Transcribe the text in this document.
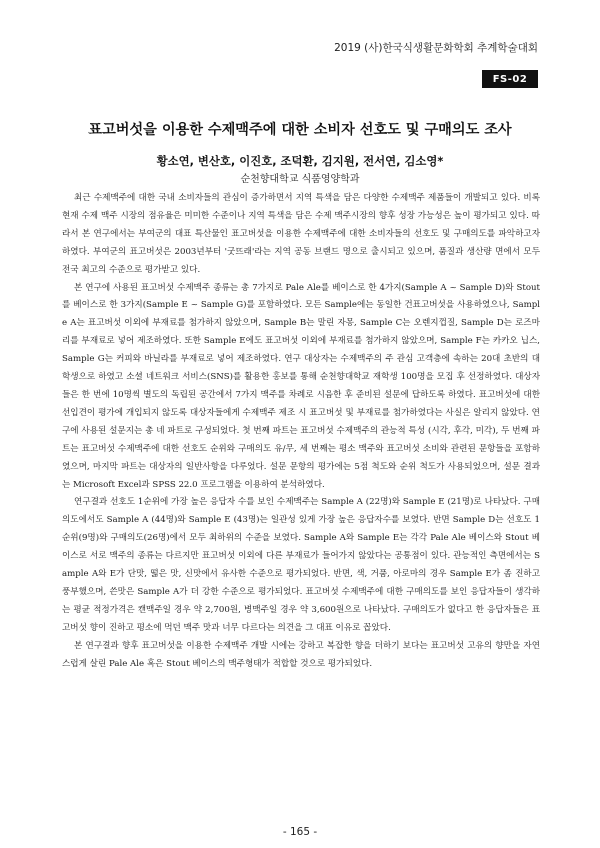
2019 (사)한국식생활문화학회 추계학술대회
FS-02
표고버섯을 이용한 수제맥주에 대한 소비자 선호도 및 구매의도 조사
황소연, 변산호, 이진호, 조덕환, 김지원, 전서연, 김소영*
순천향대학교 식품영양학과

최근 수제맥주에 대한 국내 소비자들의 관심이 증가하면서 지역 특색을 담은 다양한 수제맥주 제품들이 개발되고 있다. 비록 현재 수제 맥주 시장의 점유율은 미미한 수준이나 지역 특색을 담은 수제 맥주시장의 향후 성장 가능성은 높이 평가되고 있다. 따라서 본 연구에서는 부여군의 대표 특산물인 표고버섯을 이용한 수제맥주에 대한 소비자들의 선호도 및 구매의도를 파악하고자 하였다. 부여군의 표고버섯은 2003년부터 '굿뜨래'라는 지역 공동 브랜드 명으로 출시되고 있으며, 품질과 생산량 면에서 모두 전국 최고의 수준으로 평가받고 있다.

본 연구에 사용된 표고버섯 수제맥주 종류는 총 7가지로 Pale Ale를 베이스로 한 4가지(Sample A ~ Sample D)와 Stout를 베이스로 한 3가지(Sample E ~ Sample G)를 포함하였다. 모든 Sample에는 동일한 건표고버섯을 사용하였으나, Sample A는 표고버섯 이외에 부재료를 첨가하지 않았으며, Sample B는 말린 자몽, Sample C는 오렌지껍질, Sample D는 로즈마리를 부재료로 넣어 제조하였다. 또한 Sample E에도 표고버섯 이외에 부재료를 첨가하지 않았으며, Sample F는 카카오 닙스, Sample G는 커피와 바닐라를 부재료로 넣어 제조하였다. 연구 대상자는 수제맥주의 주 관심 고객층에 속하는 20대 초반의 대학생으로 하였고 소셜 네트워크 서비스(SNS)를 활용한 홍보를 통해 순천향대학교 재학생 100명을 모집 후 선정하였다. 대상자들은 한 번에 10명씩 별도의 독립된 공간에서 7가지 맥주를 차례로 시음한 후 준비된 설문에 답하도록 하였다. 표고버섯에 대한 선입견이 평가에 개입되지 않도록 대상자들에게 수제맥주 제조 시 표고버섯 및 부재료를 첨가하였다는 사실은 알리지 않았다. 연구에 사용된 설문지는 총 네 파트로 구성되었다. 첫 번째 파트는 표고버섯 수제맥주의 관능적 특성 (시각, 후각, 미각), 두 번째 파트는 표고버섯 수제맥주에 대한 선호도 순위와 구매의도 유/무, 세 번째는 평소 맥주와 표고버섯 소비와 관련된 문항들을 포함하였으며, 마지막 파트는 대상자의 일반사항을 다루었다. 설문 문항의 평가에는 5점 척도와 순위 척도가 사용되었으며, 설문 결과는 Microsoft Excel과 SPSS 22.0 프로그램을 이용하여 분석하였다.

연구결과 선호도 1순위에 가장 높은 응답자 수를 보인 수제맥주는 Sample A (22명)와 Sample E (21명)로 나타났다. 구매의도에서도 Sample A (44명)와 Sample E (43명)는 일관성 있게 가장 높은 응답자수를 보였다. 반면 Sample D는 선호도 1순위(9명)와 구매의도(26명)에서 모두 최하위의 수준을 보였다. Sample A와 Sample E는 각각 Pale Ale 베이스와 Stout 베이스로 서로 맥주의 종류는 다르지만 표고버섯 이외에 다른 부재료가 들어가지 않았다는 공통점이 있다. 관능적인 측면에서는 Sample A와 E가 단맛, 떫은 맛, 신맛에서 유사한 수준으로 평가되었다. 반면, 색, 거품, 아로마의 경우 Sample E가 좀 진하고 풍부했으며, 쓴맛은 Sample A가 더 강한 수준으로 평가되었다. 표고버섯 수제맥주에 대한 구매의도를 보인 응답자들이 생각하는 평균 적정가격은 캔맥주일 경우 약 2,700원, 병맥주일 경우 약 3,600원으로 나타났다. 구매의도가 없다고 한 응답자들은 표고버섯 향이 진하고 평소에 먹던 맥주 맛과 너무 다르다는 의견을 그 대표 이유로 꼽았다.

본 연구결과 향후 표고버섯을 이용한 수제맥주 개발 시에는 강하고 복잡한 향을 더하기 보다는 표고버섯 고유의 향만을 자연스럽게 살린 Pale Ale 혹은 Stout 베이스의 맥주형태가 적합할 것으로 평가되었다.

- 165 -
